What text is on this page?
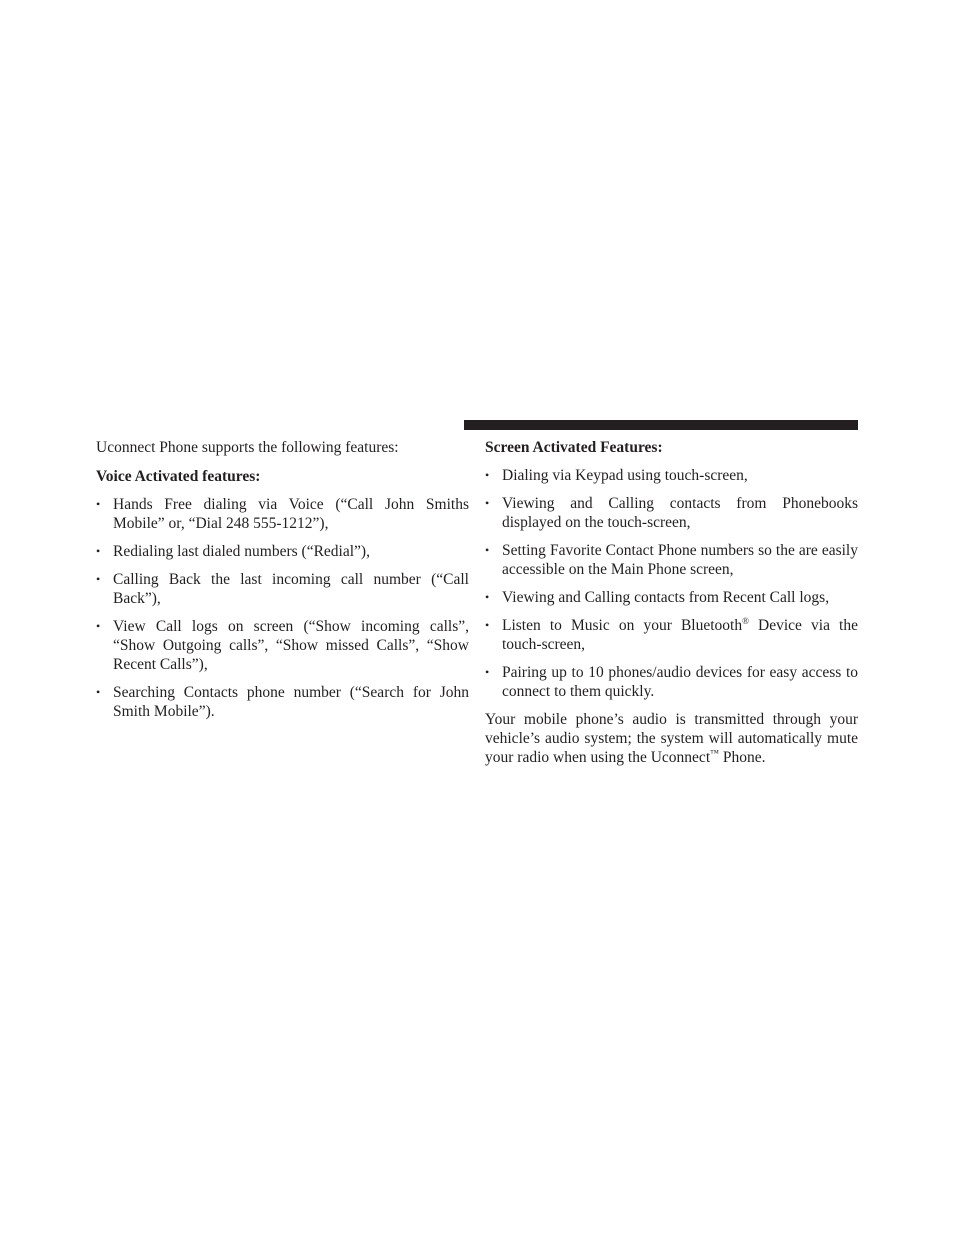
Uconnect Phone supports the following features:

Voice Activated features:

• Hands Free dialing via Voice (“Call John Smiths Mobile” or, “Dial 248 555-1212”),
• Redialing last dialed numbers (“Redial”),
• Calling Back the last incoming call number (“Call Back”),
• View Call logs on screen (“Show incoming calls”, “Show Outgoing calls”, “Show missed Calls”, “Show Recent Calls”),
• Searching Contacts phone number (“Search for John Smith Mobile”).

Screen Activated Features:

• Dialing via Keypad using touch-screen,
• Viewing and Calling contacts from Phonebooks displayed on the touch-screen,
• Setting Favorite Contact Phone numbers so the are easily accessible on the Main Phone screen,
• Viewing and Calling contacts from Recent Call logs,
• Listen to Music on your Bluetooth® Device via the touch-screen,
• Pairing up to 10 phones/audio devices for easy access to connect to them quickly.

Your mobile phone’s audio is transmitted through your vehicle’s audio system; the system will automatically mute your radio when using the Uconnect™ Phone.
